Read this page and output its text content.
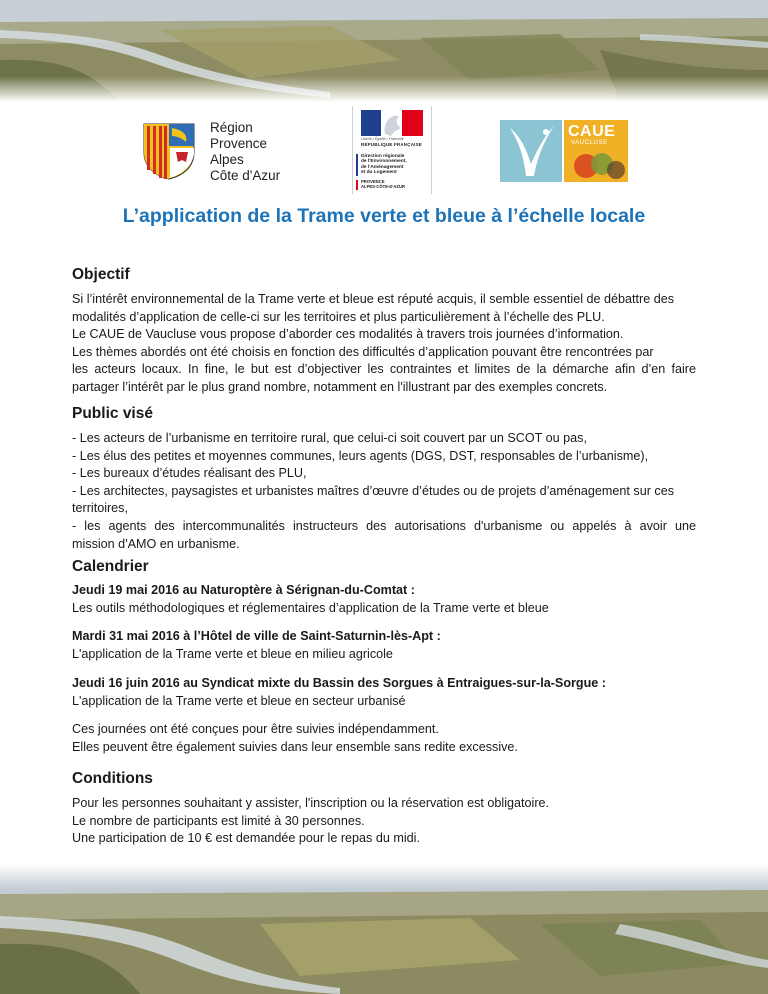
Région
Provence
Alpes
Côte d'Azur
Liberté • Égalité • Fraternité
RÉPUBLIQUE FRANÇAISE
Direction régionale
de l'Environnement,
de l'Aménagement
et du Logement
PROVENCE
ALPES-CÔTE-D'AZUR
CAUE
VAUCLUSE
L’application de la Trame verte et bleue à l’échelle locale
Objectif
Si l’intérêt environnemental de la Trame verte et bleue est réputé acquis, il semble essentiel de débattre des
modalités d’application de celle-ci sur les territoires et plus particulièrement à l’échelle des PLU.
Le CAUE de Vaucluse vous propose d’aborder ces modalités à travers trois journées d’information.
Les thèmes abordés ont été choisis en fonction des difficultés d’application pouvant être rencontrées par
les acteurs locaux. In fine, le but est d’objectiver les contraintes et limites de la démarche afin d’en faire
partager l’intérêt par le plus grand nombre, notamment en l'illustrant par des exemples concrets.
Public visé
- Les acteurs de l’urbanisme en territoire rural, que celui-ci soit couvert par un SCOT ou pas,
- Les élus des petites et moyennes communes, leurs agents (DGS, DST, responsables de l’urbanisme),
- Les bureaux d’études réalisant des PLU,
- Les architectes, paysagistes et urbanistes maîtres d’œuvre d’études ou de projets d’aménagement sur ces
territoires,
- les agents des intercommunalités instructeurs des autorisations d'urbanisme ou appelés à avoir une
mission d'AMO en urbanisme.
Calendrier
Jeudi 19 mai 2016 au Naturoptère à Sérignan-du-Comtat :
Les outils méthodologiques et réglementaires d’application de la Trame verte et bleue
Mardi 31 mai 2016 à l’Hôtel de ville de Saint-Saturnin-lès-Apt :
L'application de la Trame verte et bleue en milieu agricole
Jeudi 16 juin 2016 au Syndicat mixte du Bassin des Sorgues à Entraigues-sur-la-Sorgue :
L'application de la Trame verte et bleue en secteur urbanisé
Ces journées ont été conçues pour être suivies indépendamment.
Elles peuvent être également suivies dans leur ensemble sans redite excessive.
Conditions
Pour les personnes souhaitant y assister, l'inscription ou la réservation est obligatoire.
Le nombre de participants est limité à 30 personnes.
Une participation de 10 € est demandée pour le repas du midi.
